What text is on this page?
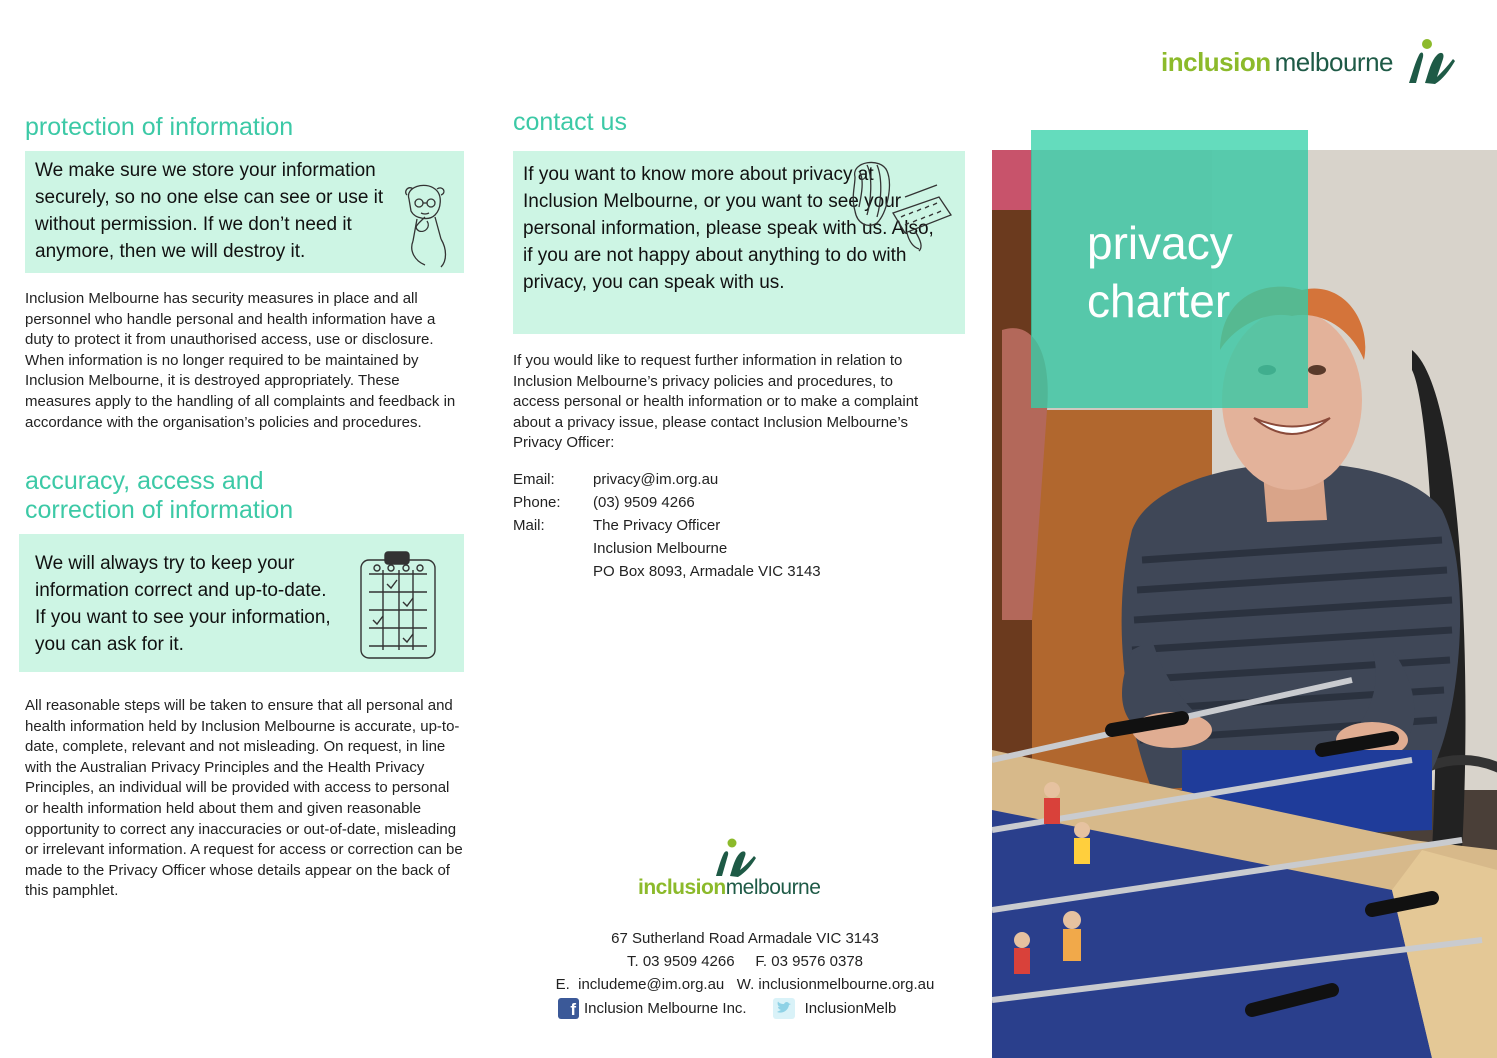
inclusion melbourne
protection of information
We make sure we store your information securely, so no one else can see or use it without permission. If we don’t need it anymore, then we will destroy it.
Inclusion Melbourne has security measures in place and all personnel who handle personal and health information have a duty to protect it from unauthorised access, use or disclosure. When information is no longer required to be maintained by Inclusion Melbourne, it is destroyed appropriately. These measures apply to the handling of all complaints and feedback in accordance with the organisation’s policies and procedures.
accuracy, access and
correction of information
We will always try to keep your information correct and up-to-date. If you want to see your information, you can ask for it.
All reasonable steps will be taken to ensure that all personal and health information held by Inclusion Melbourne is accurate, up-to-date, complete, relevant and not misleading. On request, in line with the Australian Privacy Principles and the Health Privacy Principles, an individual will be provided with access to personal or health information held about them and given reasonable opportunity to correct any inaccuracies or out-of-date, misleading or irrelevant information. A request for access or correction can be made to the Privacy Officer whose details appear on the back of this pamphlet.
contact us
If you want to know more about privacy at Inclusion Melbourne, or you want to see your personal information, please speak with us. Also, if you are not happy about anything to do with privacy, you can speak with us.
If you would like to request further information in relation to Inclusion Melbourne’s privacy policies and procedures, to access personal or health information or to make a complaint about a privacy issue, please contact Inclusion Melbourne’s Privacy Officer:
Email:	privacy@im.org.au
Phone:	(03) 9509 4266
Mail:	The Privacy Officer
Inclusion Melbourne
PO Box 8093, Armadale VIC 3143
inclusionmelbourne
67 Sutherland Road Armadale VIC 3143
T. 03 9509 4266     F. 03 9576 0378
E.  includeme@im.org.au   W. inclusionmelbourne.org.au
f Inclusion Melbourne Inc.	InclusionMelb
privacy
charter
